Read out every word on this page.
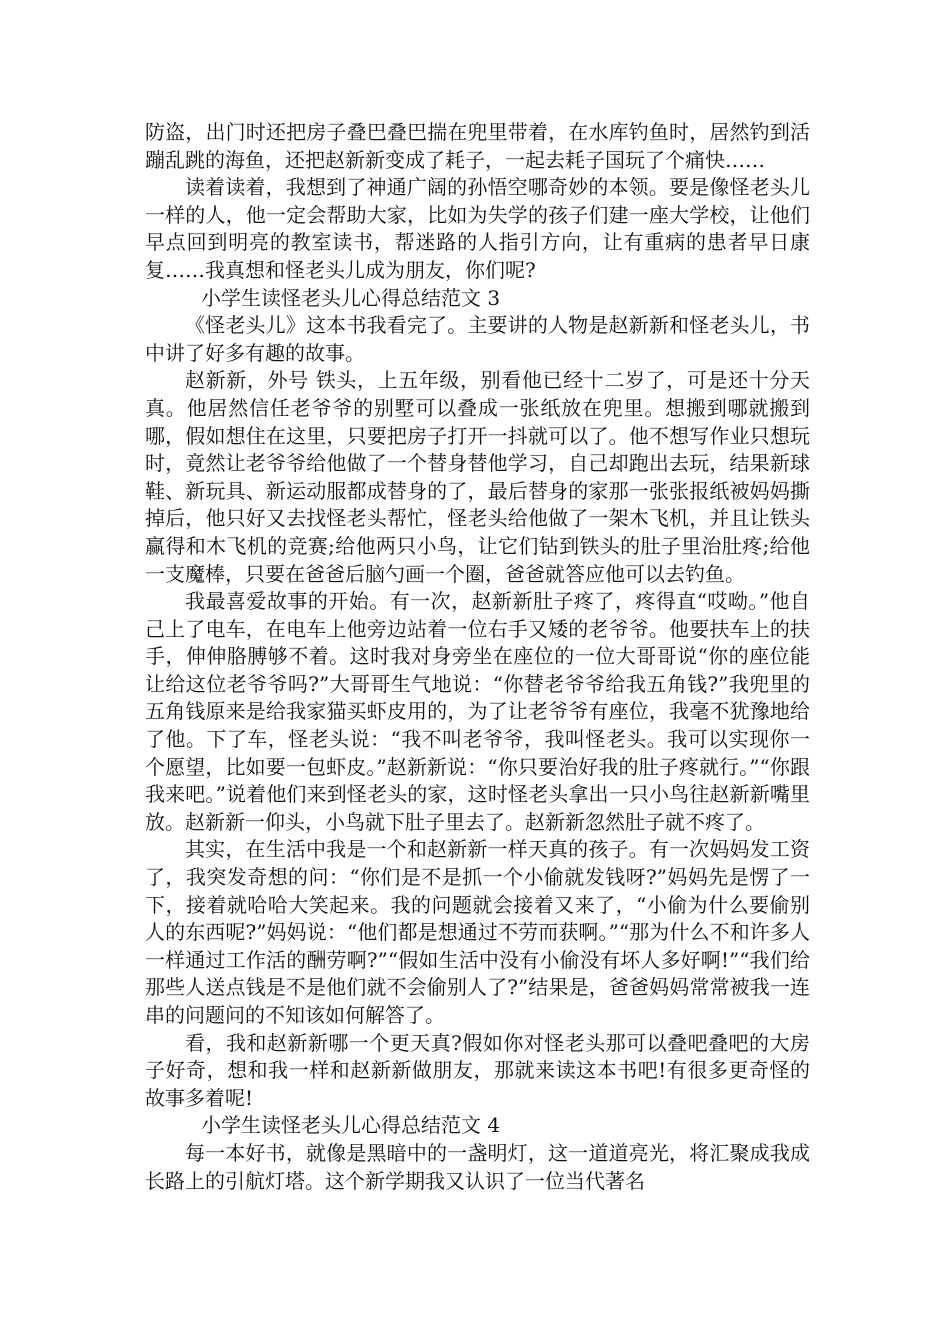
防盗，出门时还把房子叠巴叠巴揣在兜里带着，在水库钓鱼时，居然钓到活蹦乱跳的海鱼，还把赵新新变成了耗子，一起去耗子国玩了个痛快……

读着读着，我想到了神通广阔的孙悟空哪奇妙的本领。要是像怪老头儿一样的人，他一定会帮助大家，比如为失学的孩子们建一座大学校，让他们早点回到明亮的教室读书，帮迷路的人指引方向，让有重病的患者早日康复……我真想和怪老头儿成为朋友，你们呢?

小学生读怪老头儿心得总结范文 3

《怪老头儿》这本书我看完了。主要讲的人物是赵新新和怪老头儿，书中讲了好多有趣的故事。

赵新新，外号 铁头，上五年级，别看他已经十二岁了，可是还十分天真。他居然信任老爷爷的别墅可以叠成一张纸放在兜里。想搬到哪就搬到哪，假如想住在这里，只要把房子打开一抖就可以了。他不想写作业只想玩时，竟然让老爷爷给他做了一个替身替他学习，自己却跑出去玩，结果新球鞋、新玩具、新运动服都成替身的了，最后替身的家那一张张报纸被妈妈撕掉后，他只好又去找怪老头帮忙，怪老头给他做了一架木飞机，并且让铁头赢得和木飞机的竞赛;给他两只小鸟，让它们钻到铁头的肚子里治肚疼;给他一支魔棒，只要在爸爸后脑勺画一个圈，爸爸就答应他可以去钓鱼。

我最喜爱故事的开始。有一次，赵新新肚子疼了，疼得直“哎呦。”他自己上了电车，在电车上他旁边站着一位右手又矮的老爷爷。他要扶车上的扶手，伸伸胳膊够不着。这时我对身旁坐在座位的一位大哥哥说“你的座位能让给这位老爷爷吗?”大哥哥生气地说：“你替老爷爷给我五角钱?”我兜里的五角钱原来是给我家猫买虾皮用的，为了让老爷爷有座位，我毫不犹豫地给了他。下了车，怪老头说：“我不叫老爷爷，我叫怪老头。我可以实现你一个愿望，比如要一包虾皮。”赵新新说：“你只要治好我的肚子疼就行。”“你跟我来吧。”说着他们来到怪老头的家，这时怪老头拿出一只小鸟往赵新新嘴里放。赵新新一仰头，小鸟就下肚子里去了。赵新新忽然肚子就不疼了。

其实，在生活中我是一个和赵新新一样天真的孩子。有一次妈妈发工资了，我突发奇想的问：“你们是不是抓一个小偷就发钱呀?”妈妈先是愣了一下，接着就哈哈大笑起来。我的问题就会接着又来了，“小偷为什么要偷别人的东西呢?”妈妈说：“他们都是想通过不劳而获啊。”“那为什么不和许多人一样通过工作活的酬劳啊?”“假如生活中没有小偷没有坏人多好啊!”“我们给那些人送点钱是不是他们就不会偷别人了?”结果是，爸爸妈妈常常被我一连串的问题问的不知该如何解答了。

看，我和赵新新哪一个更天真?假如你对怪老头那可以叠吧叠吧的大房子好奇，想和我一样和赵新新做朋友，那就来读这本书吧!有很多更奇怪的故事多着呢!

小学生读怪老头儿心得总结范文 4

每一本好书，就像是黑暗中的一盏明灯，这一道道亮光，将汇聚成我成长路上的引航灯塔。这个新学期我又认识了一位当代著名
